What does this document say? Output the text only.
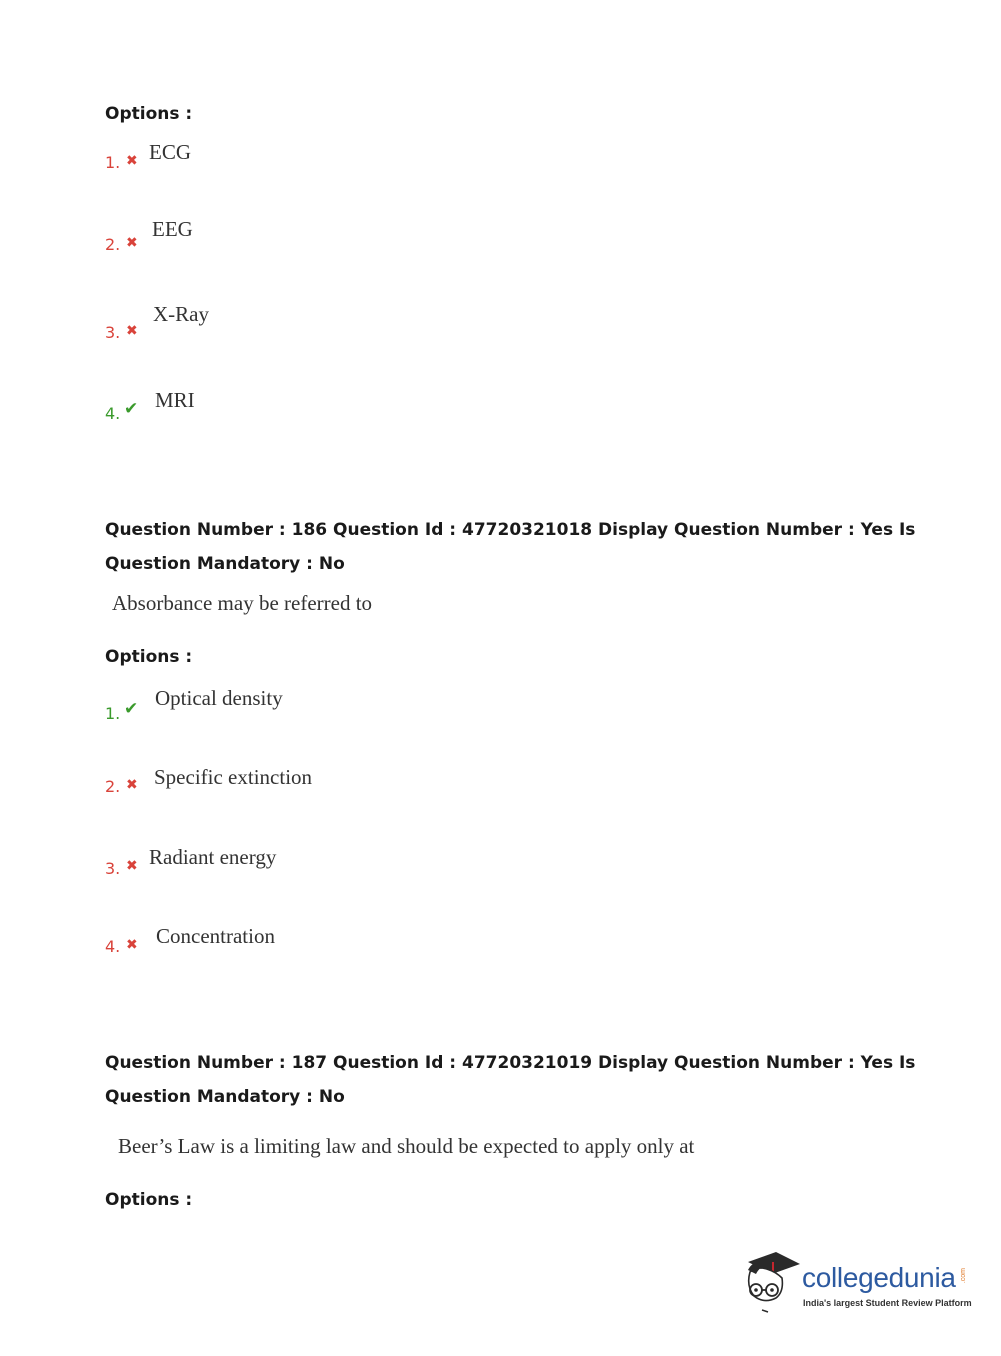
Options :
1. ✖ ECG
2. ✖
EEG
3. ✖
X-Ray
4. ✔ MRI
Question Number : 186 Question Id : 47720321018 Display Question Number : Yes Is Question Mandatory : No
Absorbance may be referred to
Options :
1. ✔ Optical density
2. ✖ Specific extinction
3. ✖ Radiant energy
4. ✖ Concentration
Question Number : 187 Question Id : 47720321019 Display Question Number : Yes Is Question Mandatory : No
Beer’s Law is a limiting law and should be expected to apply only at
Options :
collegedunia .com
India's largest Student Review Platform
